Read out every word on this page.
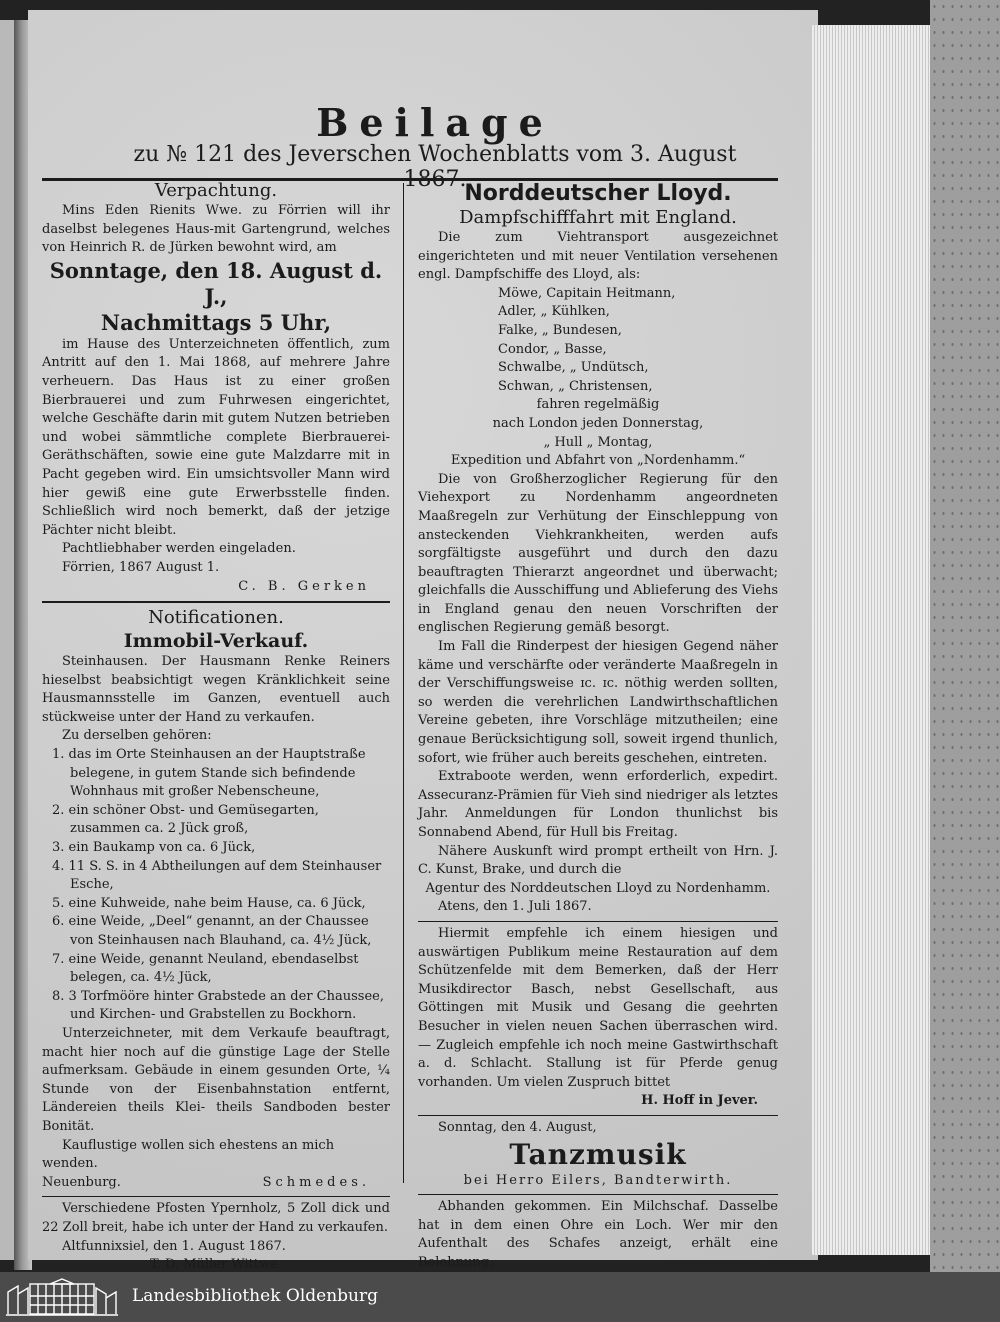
Beilage
zu № 121 des Jeverschen Wochenblatts vom 3. August 1867.
Verpachtung.
Mins Eden Rienits Wwe. zu Förrien will ihr daselbst belegenes Haus-mit Gartengrund, welches von Heinrich R. de Jürken bewohnt wird, am
Sonntage, den 18. August d. J.,
Nachmittags 5 Uhr,
im Hause des Unterzeichneten öffentlich, zum Antritt auf den 1. Mai 1868, auf mehrere Jahre verheuern. Das Haus ist zu einer großen Bierbrauerei und zum Fuhrwesen eingerichtet, welche Geschäfte darin mit gutem Nutzen betrieben und wobei sämmtliche complete Bierbrauerei-Geräthschäften, sowie eine gute Malzdarre mit in Pacht gegeben wird. Ein umsichtsvoller Mann wird hier gewiß eine gute Erwerbsstelle finden. Schließlich wird noch bemerkt, daß der jetzige Pächter nicht bleibt.
Pachtliebhaber werden eingeladen.
Förrien, 1867 August 1.
C. B. Gerken
Notificationen.
Immobil-Verkauf.
Steinhausen. Der Hausmann Renke Reiners hieselbst beabsichtigt wegen Kränklichkeit seine Hausmannsstelle im Ganzen, eventuell auch stückweise unter der Hand zu verkaufen.
Zu derselben gehören:
1. das im Orte Steinhausen an der Hauptstraße belegene, in gutem Stande sich befindende Wohnhaus mit großer Nebenscheune,
2. ein schöner Obst- und Gemüsegarten, zusammen ca. 2 Jück groß,
3. ein Baukamp von ca. 6 Jück,
4. 11 S. S. in 4 Abtheilungen auf dem Steinhauser Esche,
5. eine Kuhweide, nahe beim Hause, ca. 6 Jück,
6. eine Weide, „Deel“ genannt, an der Chaussee von Steinhausen nach Blauhand, ca. 4½ Jück,
7. eine Weide, genannt Neuland, ebendaselbst belegen, ca. 4½ Jück,
8. 3 Torfmööre hinter Grabstede an der Chaussee, und Kirchen- und Grabstellen zu Bockhorn.
Unterzeichneter, mit dem Verkaufe beauftragt, macht hier noch auf die günstige Lage der Stelle aufmerksam. Gebäude in einem gesunden Orte, ¼ Stunde von der Eisenbahnstation entfernt, Ländereien theils Klei- theils Sandboden bester Bonität.
Kauflustige wollen sich ehestens an mich wenden.
Neuenburg.	Schmedes.
Verschiedene Pfosten Ypernholz, 5 Zoll dick und 22 Zoll breit, habe ich unter der Hand zu verkaufen.
Altfunnixsiel, den 1. August 1867.
T. D. Müller Wittwe.
Norddeutscher Lloyd.
Dampfschifffahrt mit England.
Die zum Viehtransport ausgezeichnet eingerichteten und mit neuer Ventilation versehenen engl. Dampfschiffe des Lloyd, als:
Möwe, Capitain Heitmann,
Adler, „ Kühlken,
Falke, „ Bundesen,
Condor, „ Basse,
Schwalbe, „ Undütsch,
Schwan, „ Christensen,
fahren regelmäßig
nach London jeden Donnerstag,
„ Hull „ Montag,
Expedition und Abfahrt von „Nordenhamm.“
Die von Großherzoglicher Regierung für den Viehexport zu Nordenhamm angeordneten Maaßregeln zur Verhütung der Einschleppung von ansteckenden Viehkrankheiten, werden aufs sorgfältigste ausgeführt und durch den dazu beauftragten Thierarzt angeordnet und überwacht; gleichfalls die Ausschiffung und Ablieferung des Viehs in England genau den neuen Vorschriften der englischen Regierung gemäß besorgt.
Im Fall die Rinderpest der hiesigen Gegend näher käme und verschärfte oder veränderte Maaßregeln in der Verschiffungsweise ɪc. ɪc. nöthig werden sollten, so werden die verehrlichen Landwirthschaftlichen Vereine gebeten, ihre Vorschläge mitzutheilen; eine genaue Berücksichtigung soll, soweit irgend thunlich, sofort, wie früher auch bereits geschehen, eintreten.
Extraboote werden, wenn erforderlich, expedirt. Assecuranz-Prämien für Vieh sind niedriger als letztes Jahr. Anmeldungen für London thunlichst bis Sonnabend Abend, für Hull bis Freitag.
Nähere Auskunft wird prompt ertheilt von Hrn. J. C. Kunst, Brake, und durch die
Agentur des Norddeutschen Lloyd zu Nordenhamm.
Atens, den 1. Juli 1867.
Hiermit empfehle ich einem hiesigen und auswärtigen Publikum meine Restauration auf dem Schützenfelde mit dem Bemerken, daß der Herr Musikdirector Basch, nebst Gesellschaft, aus Göttingen mit Musik und Gesang die geehrten Besucher in vielen neuen Sachen überraschen wird. — Zugleich empfehle ich noch meine Gastwirthschaft a. d. Schlacht. Stallung ist für Pferde genug vorhanden. Um vielen Zuspruch bittet
H. Hoff in Jever.
Sonntag, den 4. August,
Tanzmusik
bei Herro Eilers, Bandterwirth.
Abhanden gekommen. Ein Milchschaf. Dasselbe hat in dem einen Ohre ein Loch. Wer mir den Aufenthalt des Schafes anzeigt, erhält eine Belohnung.
Landesbibliothek Oldenburg
